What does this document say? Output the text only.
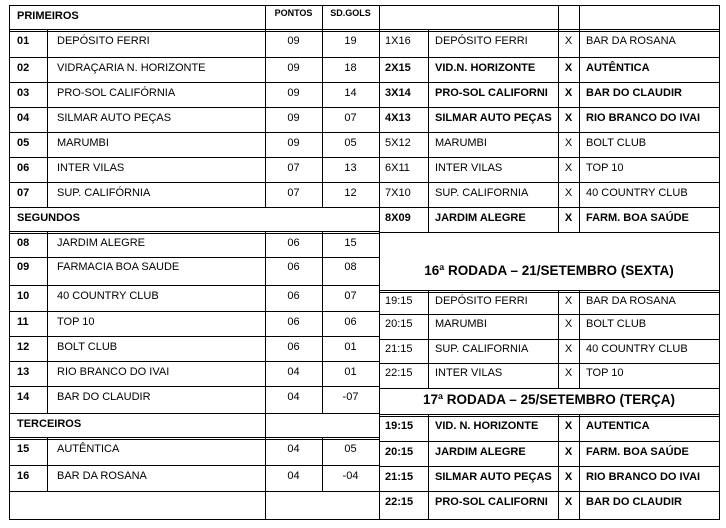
PRIMEIROS	PONTOS	SD.GOLS
01	DEPÓSITO FERRI	09	19
02	VIDRAÇARIA N. HORIZONTE	09	18
03	PRO-SOL CALIFÓRNIA	09	14
04	SILMAR AUTO PEÇAS	09	07
05	MARUMBI	09	05
06	INTER VILAS	07	13
07	SUP. CALIFÓRNIA	07	12
SEGUNDOS
08	JARDIM ALEGRE	06	15
09	FARMACIA BOA SAUDE	06	08
10	40 COUNTRY CLUB	06	07
11	TOP 10	06	06
12	BOLT CLUB	06	01
13	RIO BRANCO DO IVAI	04	01
14	BAR DO CLAUDIR	04	-07
TERCEIROS
15	AUTÊNTICA	04	05
16	BAR DA ROSANA	04	-04
1X16	DEPÓSITO FERRI	X	BAR DA ROSANA
2X15	VID.N. HORIZONTE	X	AUTÊNTICA
3X14	PRO-SOL CALIFORNI	X	BAR DO CLAUDIR
4X13	SILMAR AUTO PEÇAS	X	RIO BRANCO DO IVAI
5X12	MARUMBI	X	BOLT CLUB
6X11	INTER VILAS	X	TOP 10
7X10	SUP. CALIFORNIA	X	40 COUNTRY CLUB
8X09	JARDIM ALEGRE	X	FARM. BOA SAÚDE
16ª RODADA – 21/SETEMBRO (SEXTA)
19:15	DEPÓSITO FERRI	X	BAR DA ROSANA
20:15	MARUMBI	X	BOLT CLUB
21:15	SUP. CALIFORNIA	X	40 COUNTRY CLUB
22:15	INTER VILAS	X	TOP 10
17ª RODADA – 25/SETEMBRO (TERÇA)
19:15	VID. N. HORIZONTE	X	AUTENTICA
20:15	JARDIM ALEGRE	X	FARM. BOA SAÚDE
21:15	SILMAR AUTO PEÇAS	X	RIO BRANCO DO IVAI
22:15	PRO-SOL CALIFORNI	X	BAR DO CLAUDIR
